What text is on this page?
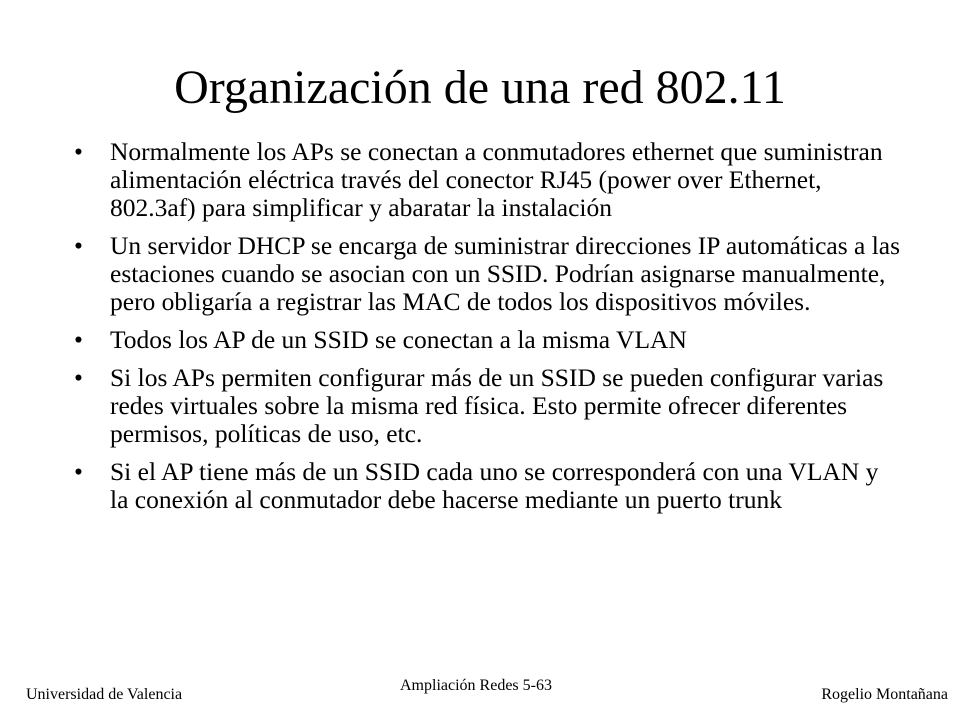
Organización de una red 802.11
•	Normalmente los APs se conectan a conmutadores ethernet que suministran alimentación eléctrica través del conector RJ45 (power over Ethernet, 802.3af) para simplificar y abaratar la instalación
•	Un servidor DHCP se encarga de suministrar direcciones IP automáticas a las estaciones cuando se asocian con un SSID. Podrían asignarse manualmente, pero obligaría a registrar las MAC de todos los dispositivos móviles.
•	Todos los AP de un SSID se conectan a la misma VLAN
•	Si los APs permiten configurar más de un SSID se pueden configurar varias redes virtuales sobre la misma red física. Esto permite ofrecer diferentes permisos, políticas de uso, etc.
•	Si el AP tiene más de un SSID cada uno se corresponderá con una VLAN y la conexión al conmutador debe hacerse mediante un puerto trunk
Universidad de Valencia
Ampliación Redes 5-63
Rogelio Montañana
